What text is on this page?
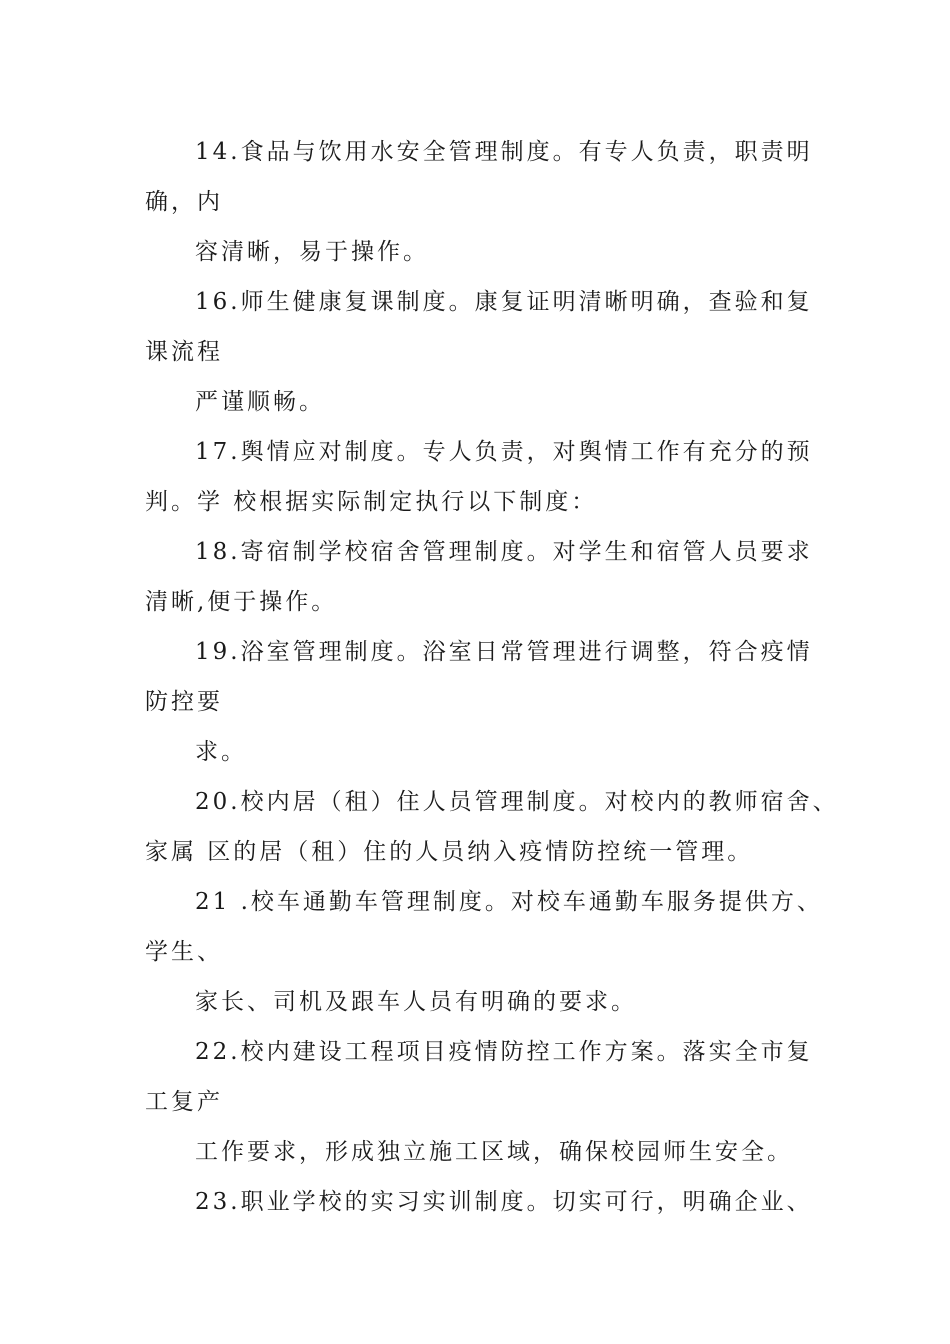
14.食品与饮用水安全管理制度。有专人负责，职责明
确，内
容清晰，易于操作。
16.师生健康复课制度。康复证明清晰明确，查验和复
课流程
严谨顺畅。
17.舆情应对制度。专人负责，对舆情工作有充分的预
判。学 校根据实际制定执行以下制度：
18.寄宿制学校宿舍管理制度。对学生和宿管人员要求
清晰,便于操作。
19.浴室管理制度。浴室日常管理进行调整，符合疫情
防控要
求。
20.校内居（租）住人员管理制度。对校内的教师宿舍、
家属 区的居（租）住的人员纳入疫情防控统一管理。
21 .校车通勤车管理制度。对校车通勤车服务提供方、
学生、
家长、司机及跟车人员有明确的要求。
22.校内建设工程项目疫情防控工作方案。落实全市复
工复产
工作要求，形成独立施工区域，确保校园师生安全。
23.职业学校的实习实训制度。切实可行，明确企业、
